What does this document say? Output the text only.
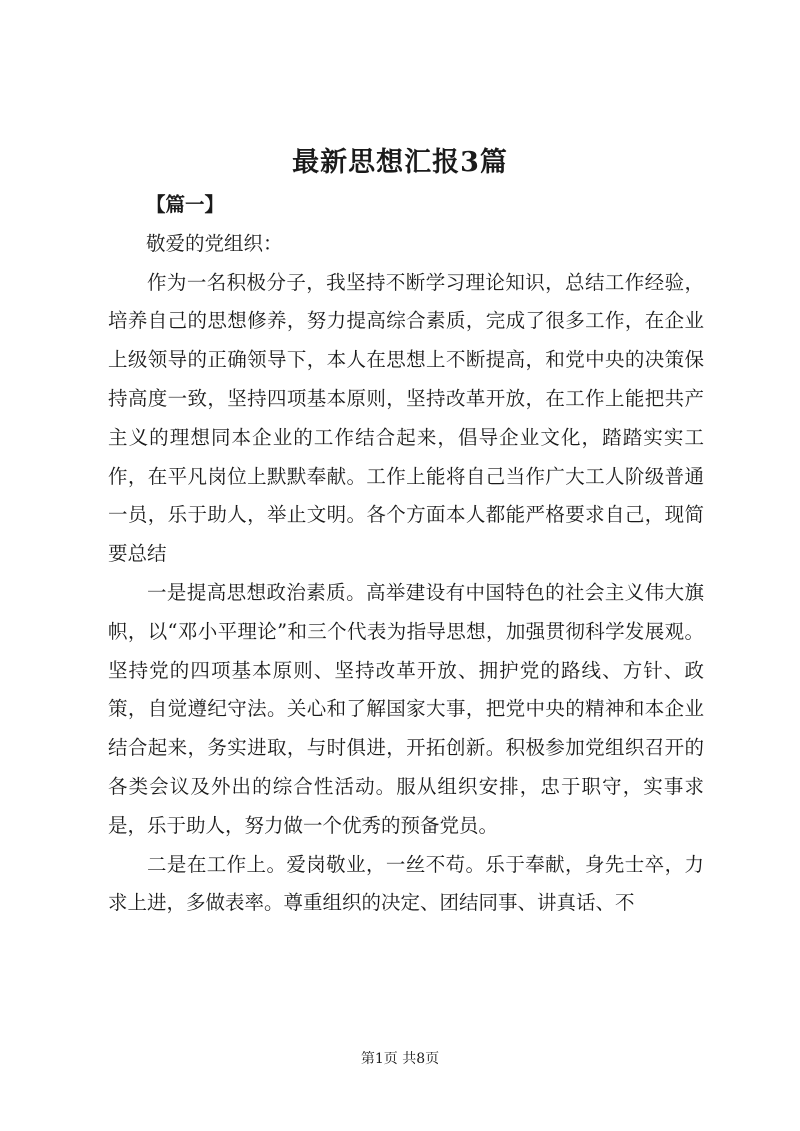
最新思想汇报3篇

【篇一】

敬爱的党组织：

作为一名积极分子，我坚持不断学习理论知识，总结工作经验，培养自己的思想修养，努力提高综合素质，完成了很多工作，在企业上级领导的正确领导下，本人在思想上不断提高，和党中央的决策保持高度一致，坚持四项基本原则，坚持改革开放，在工作上能把共产主义的理想同本企业的工作结合起来，倡导企业文化，踏踏实实工作，在平凡岗位上默默奉献。工作上能将自己当作广大工人阶级普通一员，乐于助人，举止文明。各个方面本人都能严格要求自己，现简要总结

一是提高思想政治素质。高举建设有中国特色的社会主义伟大旗帜，以“邓小平理论”和三个代表为指导思想，加强贯彻科学发展观。坚持党的四项基本原则、坚持改革开放、拥护党的路线、方针、政策，自觉遵纪守法。关心和了解国家大事，把党中央的精神和本企业结合起来，务实进取，与时俱进，开拓创新。积极参加党组织召开的各类会议及外出的综合性活动。服从组织安排，忠于职守，实事求是，乐于助人，努力做一个优秀的预备党员。

二是在工作上。爱岗敬业，一丝不苟。乐于奉献，身先士卒，力求上进，多做表率。尊重组织的决定、团结同事、讲真话、不

第1页 共8页
